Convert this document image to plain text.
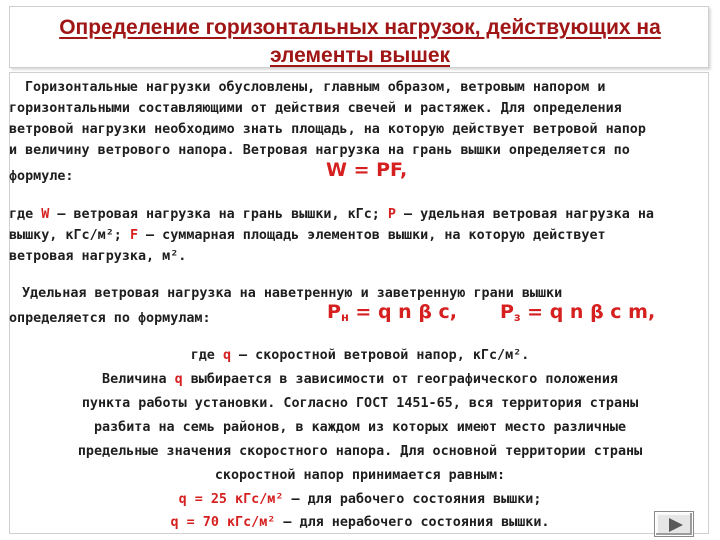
Определение горизонтальных нагрузок, действующих на
элементы вышек

Горизонтальные нагрузки обусловлены, главным образом, ветровым напором и

горизонтальными составляющими от действия свечей и растяжек. Для определения

ветровой нагрузки необходимо знать площадь, на которую действует ветровой напор

и величину ветрового напора. Ветровая нагрузка на грань вышки определяется по

формуле:	W = PF,

где W – ветровая нагрузка на грань вышки, кГс; P – удельная ветровая нагрузка на

вышку, кГс/м²; F – суммарная площадь элементов вышки, на которую действует

ветровая нагрузка, м².

Удельная ветровая нагрузка на наветренную и заветренную грани вышки

определяется по формулам:	$P_н = q$ n β c, $P_з = q$ n β c m,

где q – скоростной ветровой напор, кГс/м².

Величина q выбирается в зависимости от географического положения

пункта работы установки. Согласно ГОСТ 1451-65, вся территория страны

разбита на семь районов, в каждом из которых имеют место различные

предельные значения скоростного напора. Для основной территории страны

скоростной напор принимается равным:

q = 25 кГс/м² – для рабочего состояния вышки;

q = 70 кГс/м² – для нерабочего состояния вышки.
